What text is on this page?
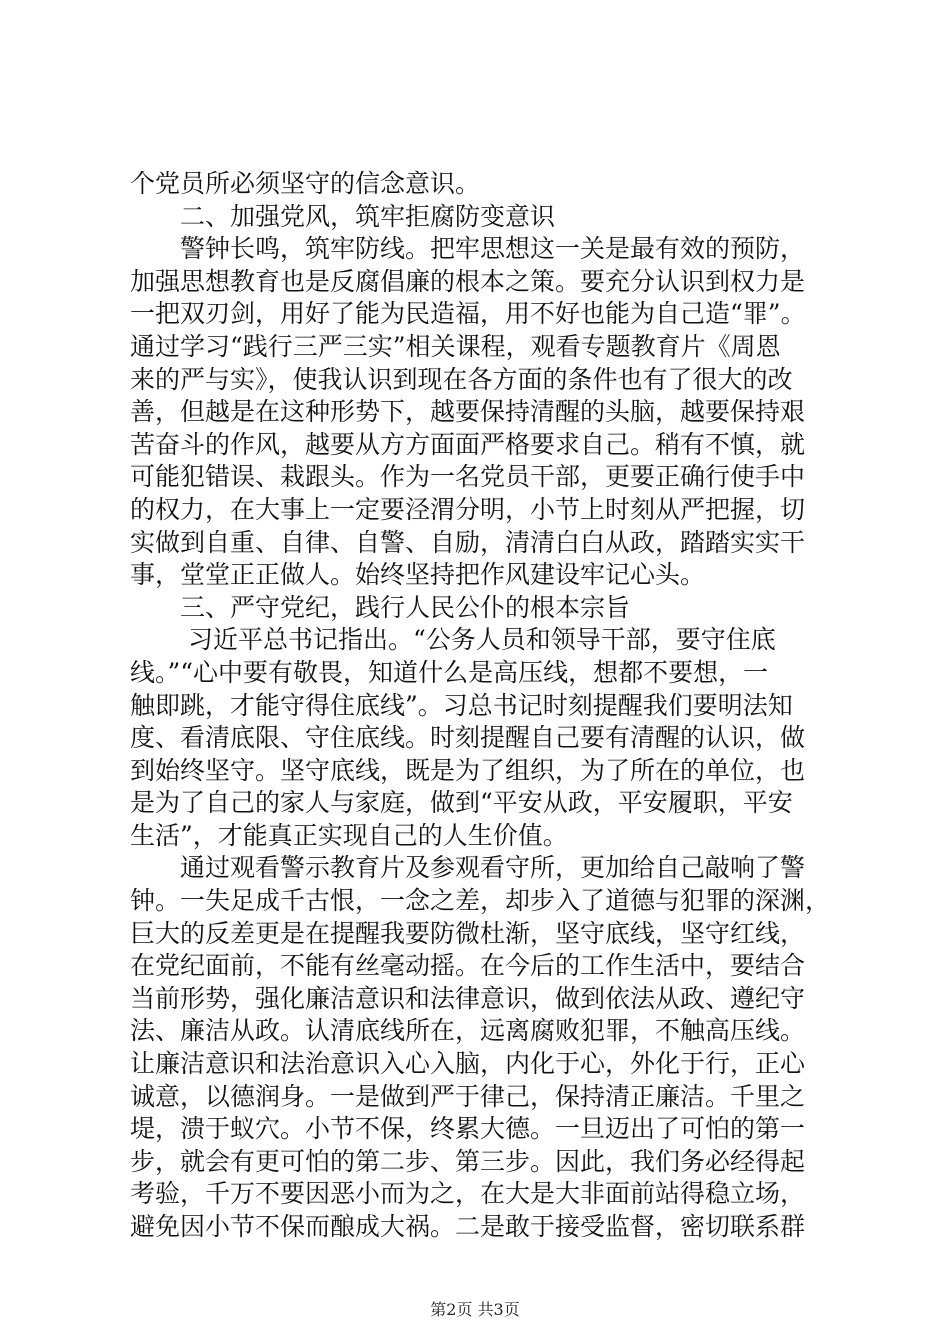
个党员所必须坚守的信念意识。
　　二、加强党风，筑牢拒腐防变意识
　　警钟长鸣，筑牢防线。把牢思想这一关是最有效的预防，
加强思想教育也是反腐倡廉的根本之策。要充分认识到权力是
一把双刃剑，用好了能为民造福，用不好也能为自己造“罪”。
通过学习“践行三严三实”相关课程，观看专题教育片《周恩
来的严与实》，使我认识到现在各方面的条件也有了很大的改
善，但越是在这种形势下，越要保持清醒的头脑，越要保持艰
苦奋斗的作风，越要从方方面面严格要求自己。稍有不慎，就
可能犯错误、栽跟头。作为一名党员干部，更要正确行使手中
的权力，在大事上一定要泾渭分明，小节上时刻从严把握，切
实做到自重、自律、自警、自励，清清白白从政，踏踏实实干
事，堂堂正正做人。始终坚持把作风建设牢记心头。
　　三、严守党纪，践行人民公仆的根本宗旨
　　 习近平总书记指出。“公务人员和领导干部，要守住底
线。”“心中要有敬畏，知道什么是高压线，想都不要想，一
触即跳，才能守得住底线”。习总书记时刻提醒我们要明法知
度、看清底限、守住底线。时刻提醒自己要有清醒的认识，做
到始终坚守。坚守底线，既是为了组织，为了所在的单位，也
是为了自己的家人与家庭，做到“平安从政，平安履职，平安
生活”，才能真正实现自己的人生价值。
　　通过观看警示教育片及参观看守所，更加给自己敲响了警
钟。一失足成千古恨，一念之差，却步入了道德与犯罪的深渊，
巨大的反差更是在提醒我要防微杜渐，坚守底线，坚守红线，
在党纪面前，不能有丝毫动摇。在今后的工作生活中，要结合
当前形势，强化廉洁意识和法律意识，做到依法从政、遵纪守
法、廉洁从政。认清底线所在，远离腐败犯罪，不触高压线。
让廉洁意识和法治意识入心入脑，内化于心，外化于行，正心
诚意，以德润身。一是做到严于律己，保持清正廉洁。千里之
堤，溃于蚁穴。小节不保，终累大德。一旦迈出了可怕的第一
步，就会有更可怕的第二步、第三步。因此，我们务必经得起
考验，千万不要因恶小而为之，在大是大非面前站得稳立场，
避免因小节不保而酿成大祸。二是敢于接受监督，密切联系群
第2页 共3页
